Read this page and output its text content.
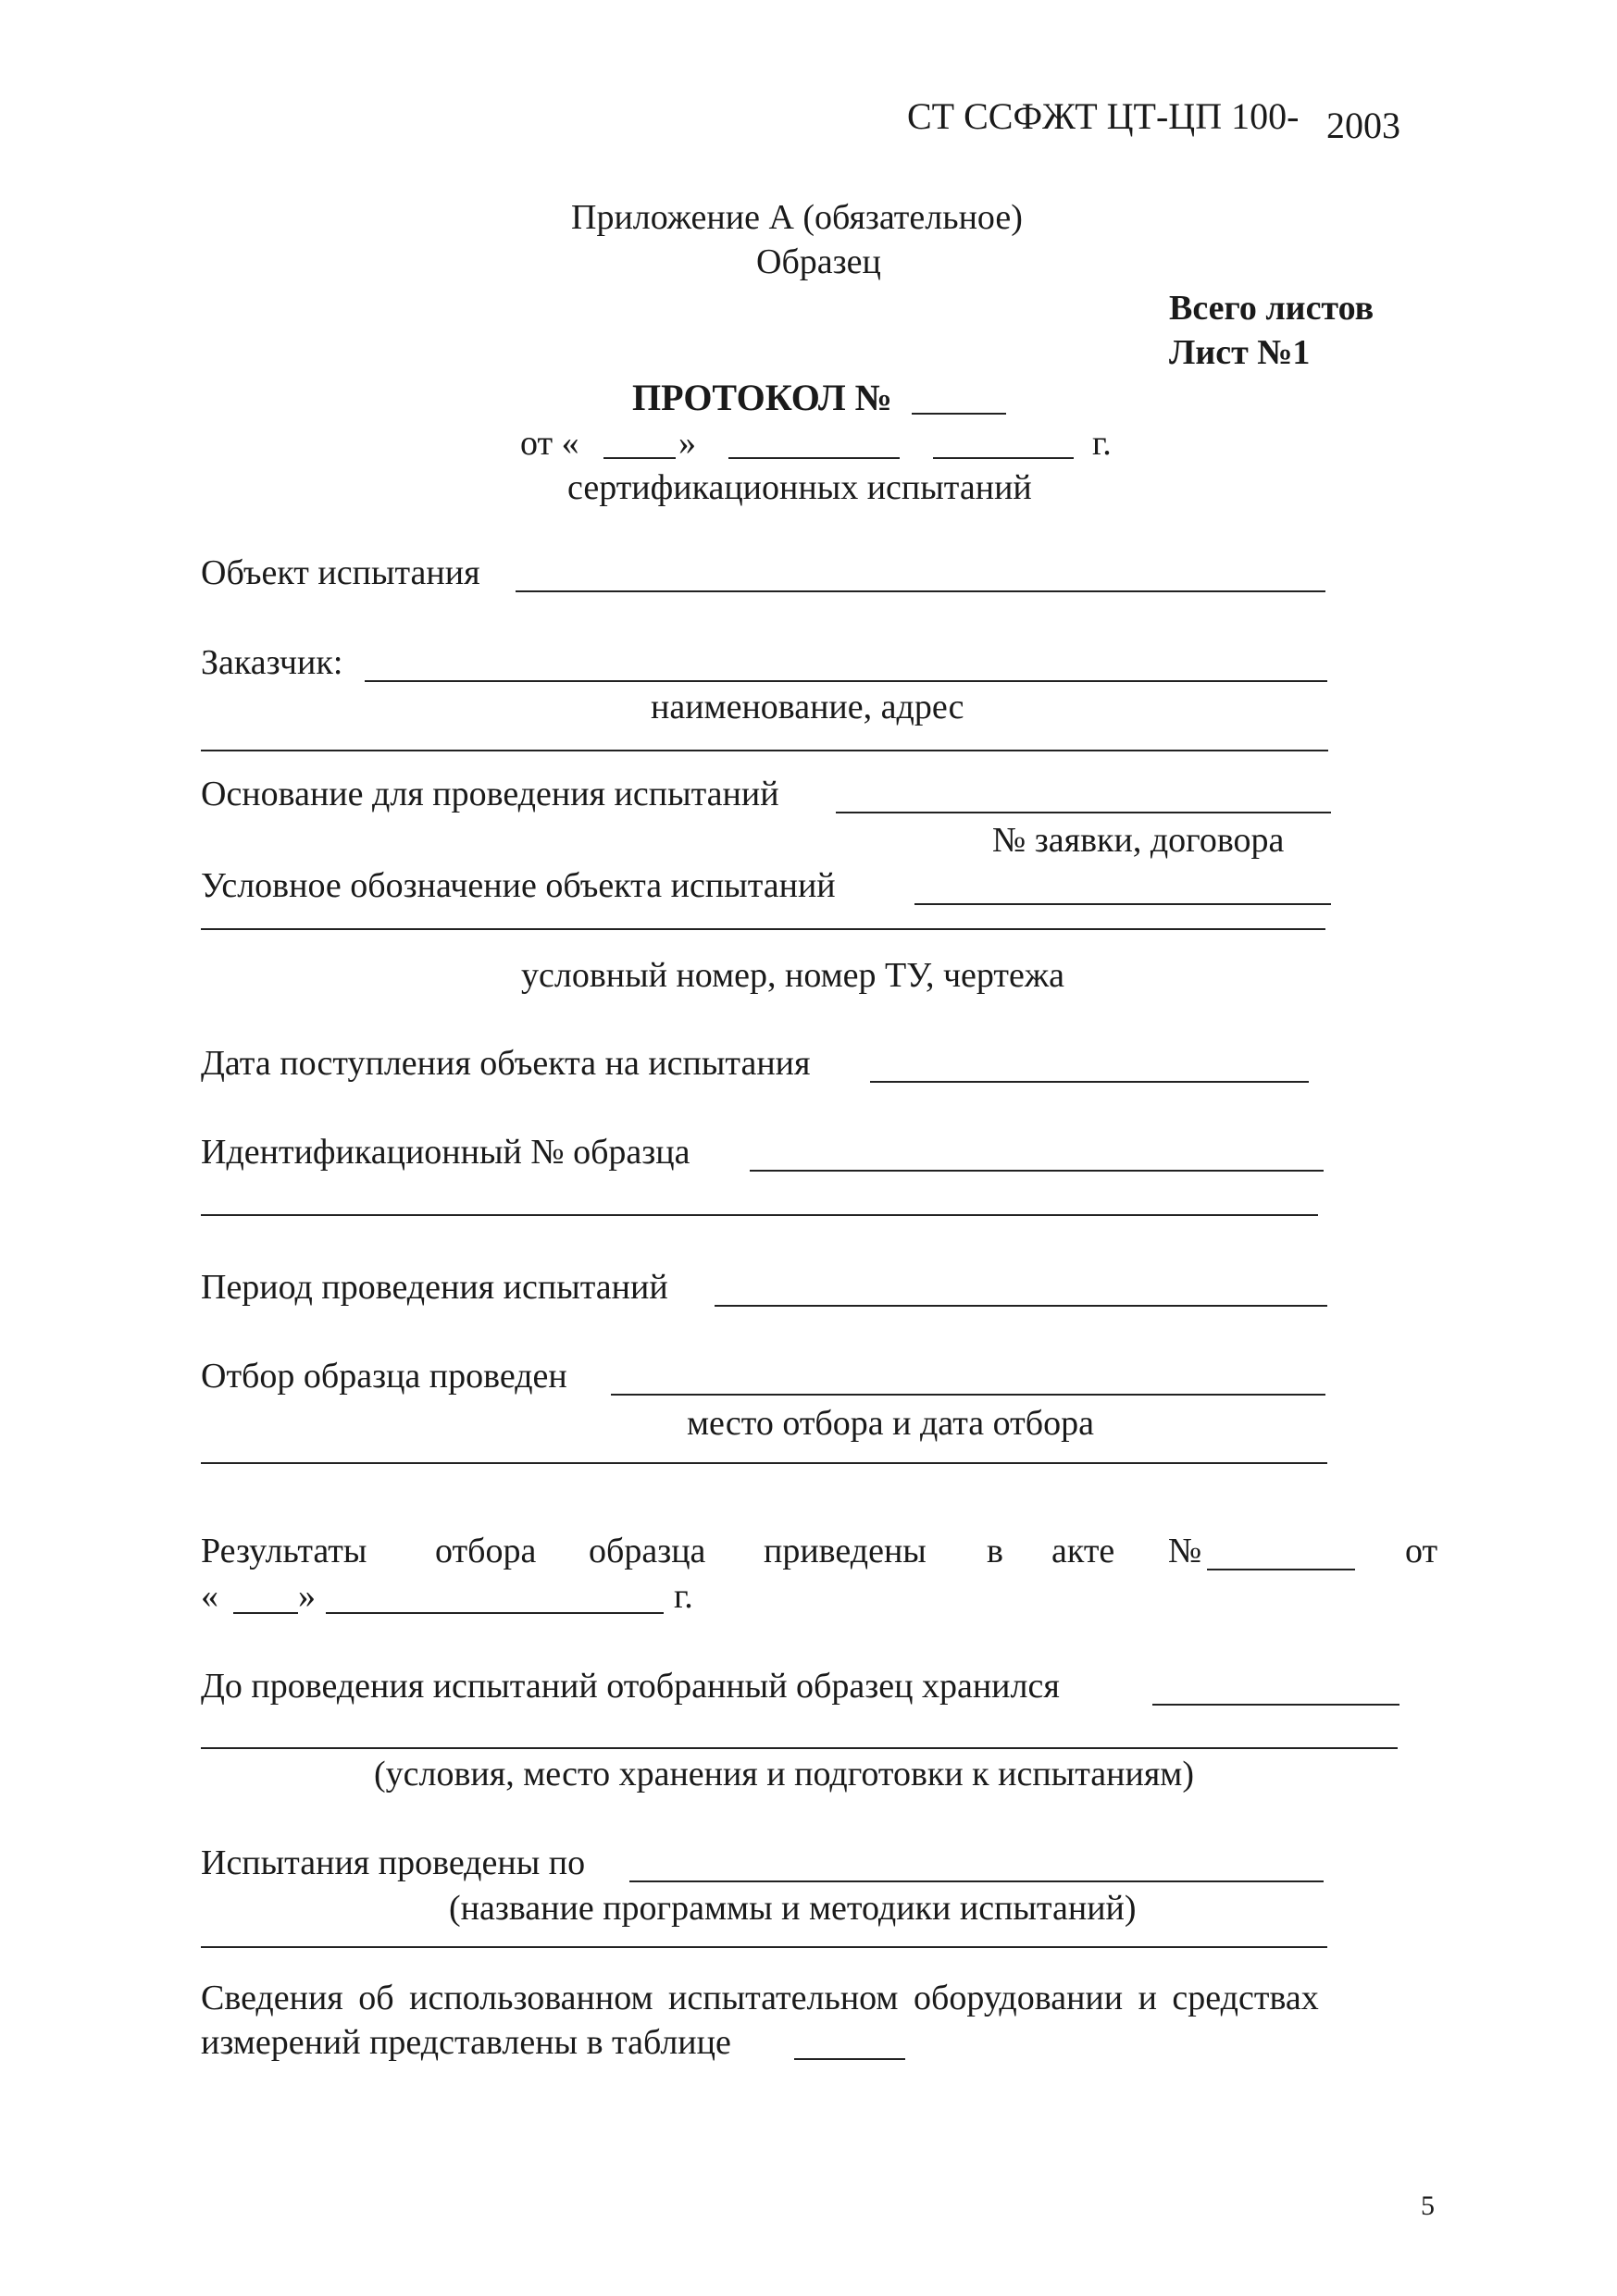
СТ ССФЖТ ЦТ-ЦП 100- 2003
Приложение А (обязательное)
Образец
Всего листов
Лист №1
ПРОТОКОЛ №
от «	»	г.
сертификационных испытаний
Объект испытания
Заказчик:
наименование, адрес
Основание для проведения испытаний
№ заявки, договора
Условное обозначение объекта испытаний
условный номер, номер ТУ, чертежа
Дата поступления объекта на испытания
Идентификационный № образца
Период проведения испытаний
Отбор образца проведен
место отбора и дата отбора
Результаты отбора образца приведены в акте №	от
« »	г.
До проведения испытаний отобранный образец хранился
(условия, место хранения и подготовки к испытаниям)
Испытания проведены по
(название программы и методики испытаний)
Сведения об использованном испытательном оборудовании и средствах
измерений представлены в таблице
5
